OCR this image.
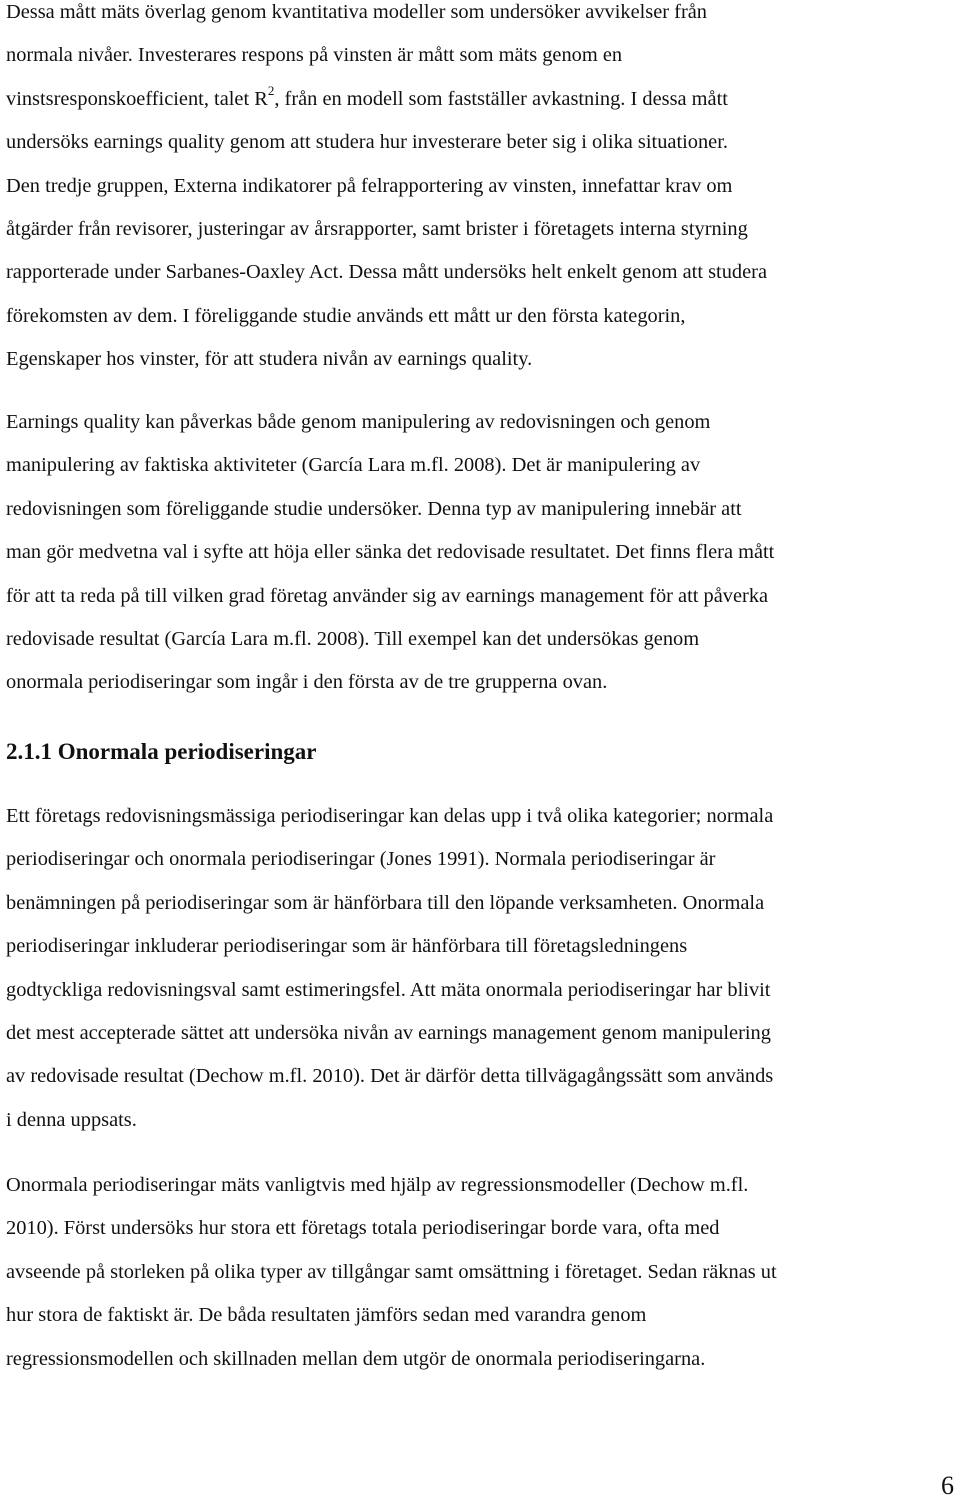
Dessa mått mäts överlag genom kvantitativa modeller som undersöker avvikelser från
normala nivåer. Investerares respons på vinsten är mått som mäts genom en
vinstsresponskoefficient, talet $R^2$, från en modell som fastställer avkastning. I dessa mått
undersöks earnings quality genom att studera hur investerare beter sig i olika situationer.
Den tredje gruppen, Externa indikatorer på felrapportering av vinsten, innefattar krav om
åtgärder från revisorer, justeringar av årsrapporter, samt brister i företagets interna styrning
rapporterade under Sarbanes-Oaxley Act. Dessa mått undersöks helt enkelt genom att studera
förekomsten av dem. I föreliggande studie används ett mått ur den första kategorin,
Egenskaper hos vinster, för att studera nivån av earnings quality.

Earnings quality kan påverkas både genom manipulering av redovisningen och genom
manipulering av faktiska aktiviteter (García Lara m.fl. 2008). Det är manipulering av
redovisningen som föreliggande studie undersöker. Denna typ av manipulering innebär att
man gör medvetna val i syfte att höja eller sänka det redovisade resultatet. Det finns flera mått
för att ta reda på till vilken grad företag använder sig av earnings management för att påverka
redovisade resultat (García Lara m.fl. 2008). Till exempel kan det undersökas genom
onormala periodiseringar som ingår i den första av de tre grupperna ovan.

2.1.1 Onormala periodiseringar

Ett företags redovisningsmässiga periodiseringar kan delas upp i två olika kategorier; normala
periodiseringar och onormala periodiseringar (Jones 1991). Normala periodiseringar är
benämningen på periodiseringar som är hänförbara till den löpande verksamheten. Onormala
periodiseringar inkluderar periodiseringar som är hänförbara till företagsledningens
godtyckliga redovisningsval samt estimeringsfel. Att mäta onormala periodiseringar har blivit
det mest accepterade sättet att undersöka nivån av earnings management genom manipulering
av redovisade resultat (Dechow m.fl. 2010). Det är därför detta tillvägagångssätt som används
i denna uppsats.

Onormala periodiseringar mäts vanligtvis med hjälp av regressionsmodeller (Dechow m.fl.
2010). Först undersöks hur stora ett företags totala periodiseringar borde vara, ofta med
avseende på storleken på olika typer av tillgångar samt omsättning i företaget. Sedan räknas ut
hur stora de faktiskt är. De båda resultaten jämförs sedan med varandra genom
regressionsmodellen och skillnaden mellan dem utgör de onormala periodiseringarna.

6
